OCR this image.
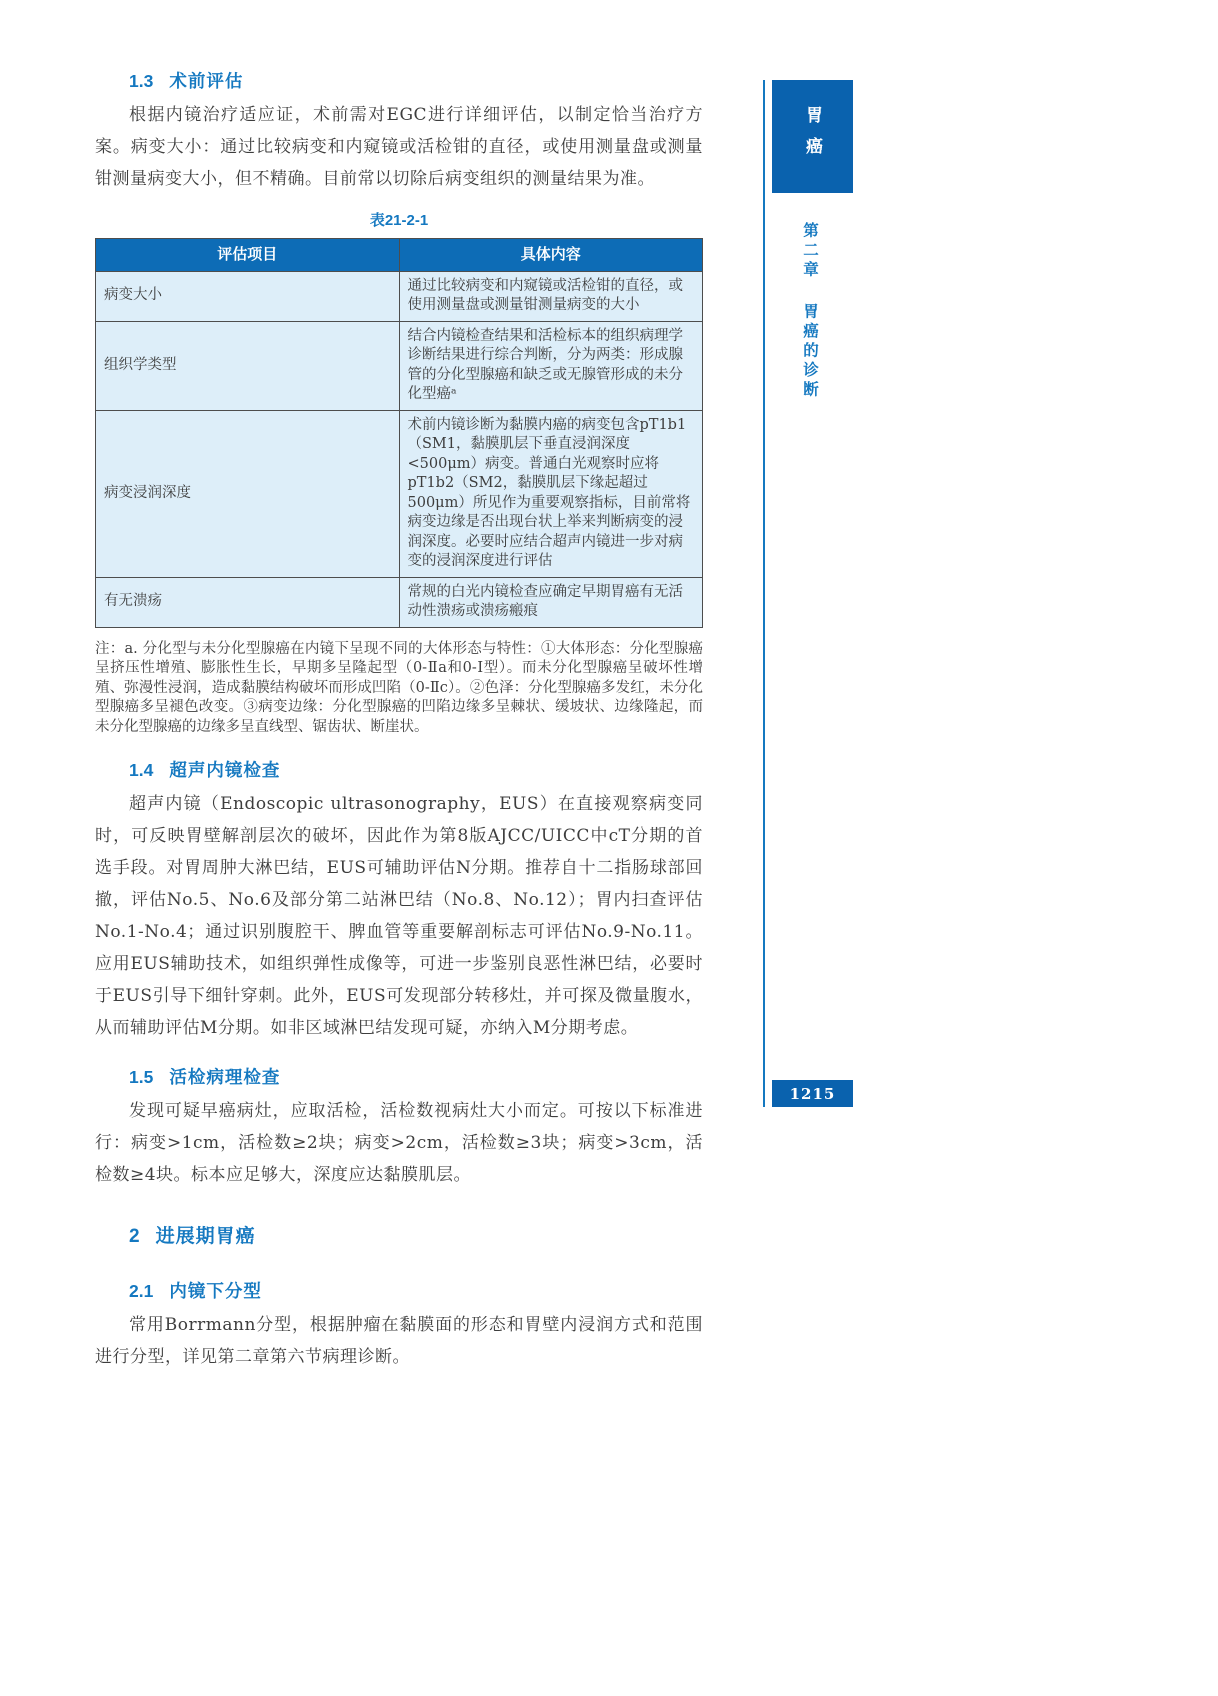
1.3 术前评估

根据内镜治疗适应证，术前需对EGC进行详细评估，以制定恰当治疗方案。病变大小：通过比较病变和内窥镜或活检钳的直径，或使用测量盘或测量钳测量病变大小，但不精确。目前常以切除后病变组织的测量结果为准。

表21-2-1
评估项目	具体内容
病变大小	通过比较病变和内窥镜或活检钳的直径，或使用测量盘或测量钳测量病变的大小
组织学类型	结合内镜检查结果和活检标本的组织病理学诊断结果进行综合判断，分为两类：形成腺管的分化型腺癌和缺乏或无腺管形成的未分化型癌ᵃ
病变浸润深度	术前内镜诊断为黏膜内癌的病变包含pT1b1（SM1，黏膜肌层下垂直浸润深度<500μm）病变。普通白光观察时应将pT1b2（SM2，黏膜肌层下缘起超过500μm）所见作为重要观察指标，目前常将病变边缘是否出现台状上举来判断病变的浸润深度。必要时应结合超声内镜进一步对病变的浸润深度进行评估
有无溃疡	常规的白光内镜检查应确定早期胃癌有无活动性溃疡或溃疡瘢痕

注：a. 分化型与未分化型腺癌在内镜下呈现不同的大体形态与特性：①大体形态：分化型腺癌呈挤压性增殖、膨胀性生长，早期多呈隆起型（0-Ⅱa和0-Ⅰ型）。而未分化型腺癌呈破坏性增殖、弥漫性浸润，造成黏膜结构破坏而形成凹陷（0-Ⅱc）。②色泽：分化型腺癌多发红，未分化型腺癌多呈褪色改变。③病变边缘：分化型腺癌的凹陷边缘多呈棘状、缓坡状、边缘隆起，而未分化型腺癌的边缘多呈直线型、锯齿状、断崖状。

1.4 超声内镜检查

超声内镜（Endoscopic ultrasonography，EUS）在直接观察病变同时，可反映胃壁解剖层次的破坏，因此作为第8版AJCC/UICC中cT分期的首选手段。对胃周肿大淋巴结，EUS可辅助评估N分期。推荐自十二指肠球部回撤，评估No.5、No.6及部分第二站淋巴结（No.8、No.12）；胃内扫查评估No.1-No.4；通过识别腹腔干、脾血管等重要解剖标志可评估No.9-No.11。应用EUS辅助技术，如组织弹性成像等，可进一步鉴别良恶性淋巴结，必要时于EUS引导下细针穿刺。此外，EUS可发现部分转移灶，并可探及微量腹水，从而辅助评估M分期。如非区域淋巴结发现可疑，亦纳入M分期考虑。

1.5 活检病理检查

发现可疑早癌病灶，应取活检，活检数视病灶大小而定。可按以下标准进行：病变>1cm，活检数≥2块；病变>2cm，活检数≥3块；病变>3cm，活检数≥4块。标本应足够大，深度应达黏膜肌层。

2 进展期胃癌
2.1 内镜下分型

常用Borrmann分型，根据肿瘤在黏膜面的形态和胃壁内浸润方式和范围进行分型，详见第二章第六节病理诊断。

胃癌
第二章
胃癌的诊断
1215
